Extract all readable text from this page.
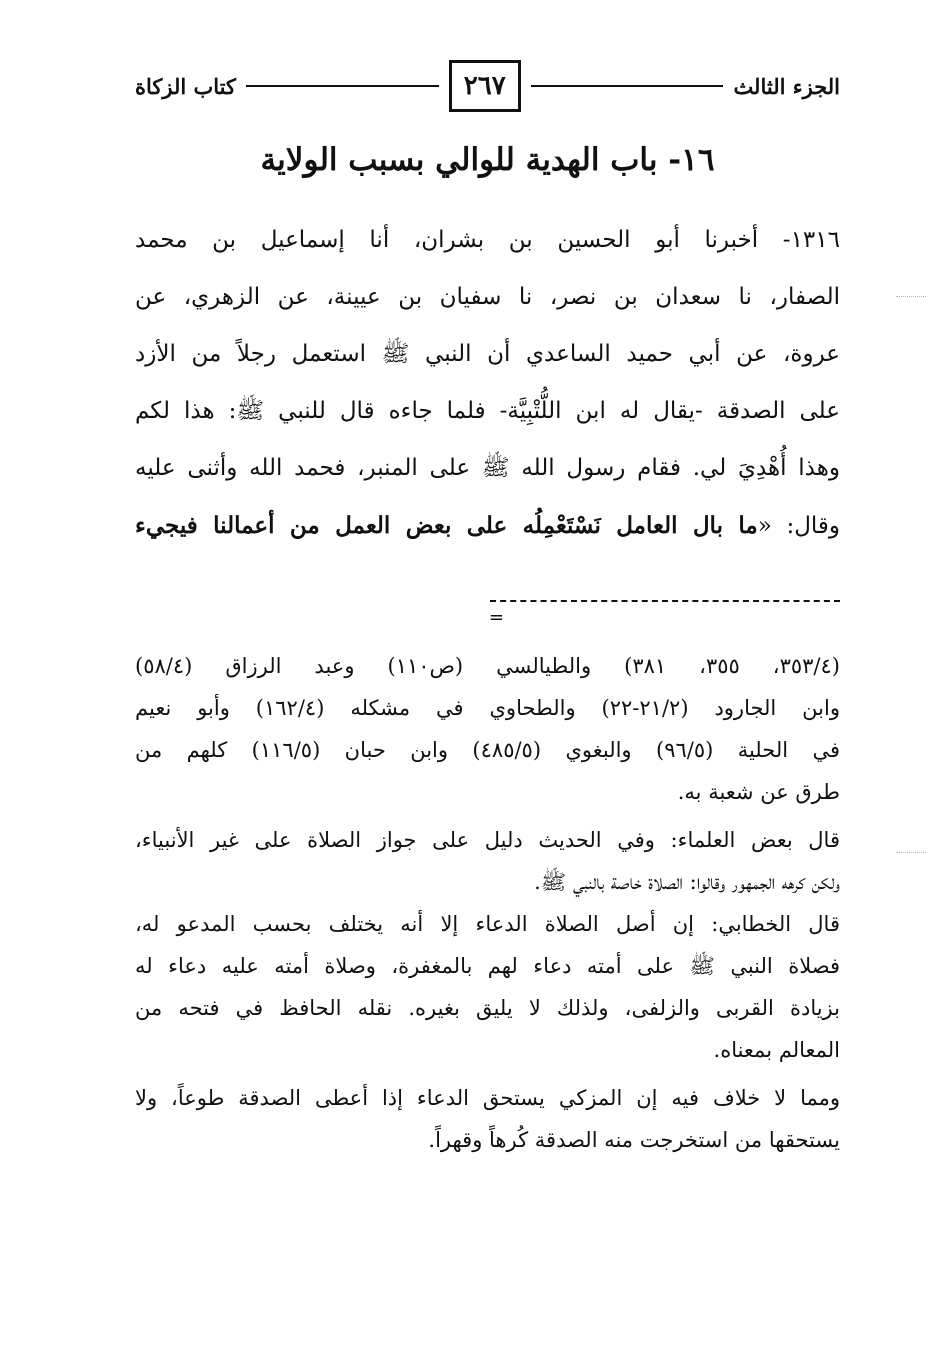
الجزء الثالث
٢٦٧
كتاب الزكاة
١٦- باب الهدية للوالي بسبب الولاية
١٣١٦- أخبرنا أبو الحسين بن بشران، أنا إسماعيل بن محمد
الصفار، نا سعدان بن نصر، نا سفيان بن عيينة، عن الزهري، عن
عروة، عن أبي حميد الساعدي أن النبي ﷺ استعمل رجلاً من الأزد
على الصدقة -يقال له ابن اللُّتْبِيَّة- فلما جاءه قال للنبي ﷺ: هذا لكم
وهذا أُهْدِيَ لي. فقام رسول الله ﷺ على المنبر، فحمد الله وأثنى عليه
وقال: «ما بال العامل نَسْتَعْمِلُه على بعض العمل من أعمالنا فيجيء
=
(٣٥٣/٤، ٣٥٥، ٣٨١) والطيالسي (ص١١٠) وعبد الرزاق (٥٨/٤)
وابن الجارود (٢١/٢-٢٢) والطحاوي في مشكله (١٦٢/٤) وأبو نعيم
في الحلية (٩٦/٥) والبغوي (٤٨٥/٥) وابن حبان (١١٦/٥) كلهم من
طرق عن شعبة به.
قال بعض العلماء: وفي الحديث دليل على جواز الصلاة على غير الأنبياء،
ولكن كرهه الجمهور وقالوا: الصلاة خاصة بالنبي ﷺ.
قال الخطابي: إن أصل الصلاة الدعاء إلا أنه يختلف بحسب المدعو له،
فصلاة النبي ﷺ على أمته دعاء لهم بالمغفرة، وصلاة أمته عليه دعاء له
بزيادة القربى والزلفى، ولذلك لا يليق بغيره. نقله الحافظ في فتحه من
المعالم بمعناه.
ومما لا خلاف فيه إن المزكي يستحق الدعاء إذا أعطى الصدقة طوعاً، ولا
يستحقها من استخرجت منه الصدقة كُرهاً وقهراً.
